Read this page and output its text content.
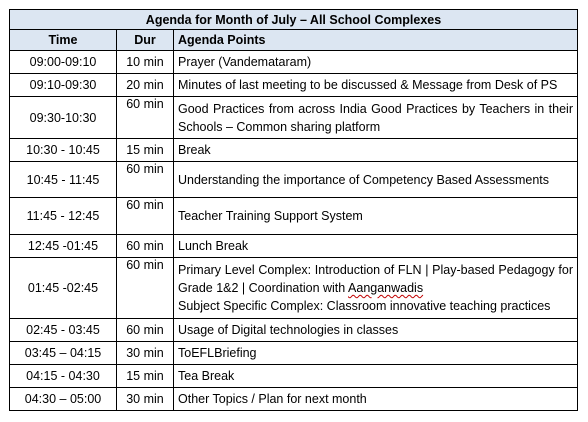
Agenda for Month of July – All School Complexes		
Time	Dur	Agenda Points
09:00-09:10	10 min	Prayer (Vandemataram)
09:10-09:30	20 min	Minutes of last meeting to be discussed & Message from Desk of PS
09:30-10:30	60 min	Good Practices from across India Good Practices by Teachers in their Schools – Common sharing platform
10:30 - 10:45	15 min	Break
10:45 - 11:45	60 min	Understanding the importance of Competency Based Assessments
11:45 - 12:45	60 min	Teacher Training Support System
12:45 -01:45	60 min	Lunch Break
01:45 -02:45	60 min	Primary Level Complex: Introduction of FLN | Play-based Pedagogy for Grade 1&2 | Coordination with Aanganwadis
Subject Specific Complex: Classroom innovative teaching practices
02:45 - 03:45	60 min	Usage of Digital technologies in classes
03:45 – 04:15	30 min	ToEFLBriefing
04:15 - 04:30	15 min	Tea Break
04:30 – 05:00	30 min	Other Topics / Plan for next month
